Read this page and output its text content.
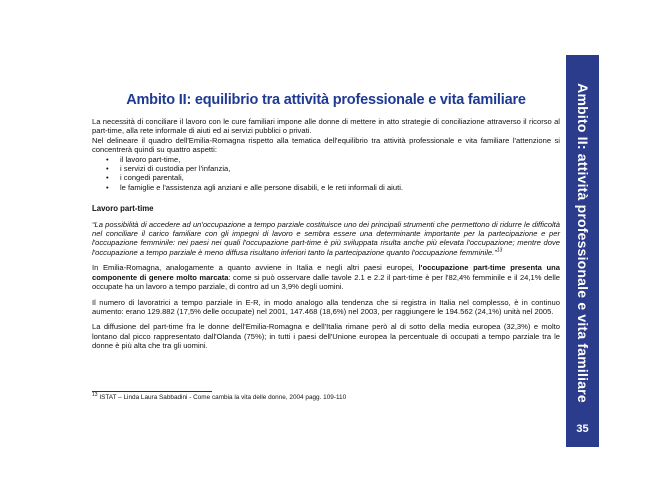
Ambito II: equilibrio tra attività professionale e vita familiare

La necessità di conciliare il lavoro con le cure familiari impone alle donne di mettere in atto strategie di conciliazione attraverso il ricorso al part-time, alla rete informale di aiuti ed ai servizi pubblici o privati.

Nel delineare il quadro dell'Emilia-Romagna rispetto alla tematica dell'equilibrio tra attività professionale e vita familiare l'attenzione si concentrerà quindi su quattro aspetti:

• il lavoro part-time,
• i servizi di custodia per l'infanzia,
• i congedi parentali,
• le famiglie e l'assistenza agli anziani e alle persone disabili, e le reti informali di aiuti.

Lavoro part-time

“La possibilità di accedere ad un'occupazione a tempo parziale costituisce uno dei principali strumenti che permettono di ridurre le difficoltà nel conciliare il carico familiare con gli impegni di lavoro e sembra essere una determinante importante per la partecipazione e per l'occupazione femminile: nei paesi nei quali l'occupazione part-time è più sviluppata risulta anche più elevata l'occupazione; mentre dove l'occupazione a tempo parziale è meno diffusa risultano inferiori tanto la partecipazione quanto l'occupazione femminile.”$^{13}$

In Emilia-Romagna, analogamente a quanto avviene in Italia e negli altri paesi europei, l'occupazione part-time presenta una componente di genere molto marcata: come si può osservare dalle tavole 2.1 e 2.2 il part-time è per l'82,4% femminile e il 24,1% delle occupate ha un lavoro a tempo parziale, di contro ad un 3,9% degli uomini.

Il numero di lavoratrici a tempo parziale in E-R, in modo analogo alla tendenza che si registra in Italia nel complesso, è in continuo aumento: erano 129.882 (17,5% delle occupate) nel 2001, 147.468 (18,6%) nel 2003, per raggiungere le 194.562 (24,1%) unità nel 2005.

La diffusione del part-time fra le donne dell'Emilia-Romagna e dell'Italia rimane però al di sotto della media europea (32,3%) e molto lontano dal picco rappresentato dall'Olanda (75%); in tutti i paesi dell'Unione europea la percentuale di occupati a tempo parziale tra le donne è più alta che tra gli uomini.

$^{13}$ ISTAT – Linda Laura Sabbadini - Come cambia la vita delle donne, 2004 pagg. 109-110	Ambito II: attività professionale e vita familiare
35
